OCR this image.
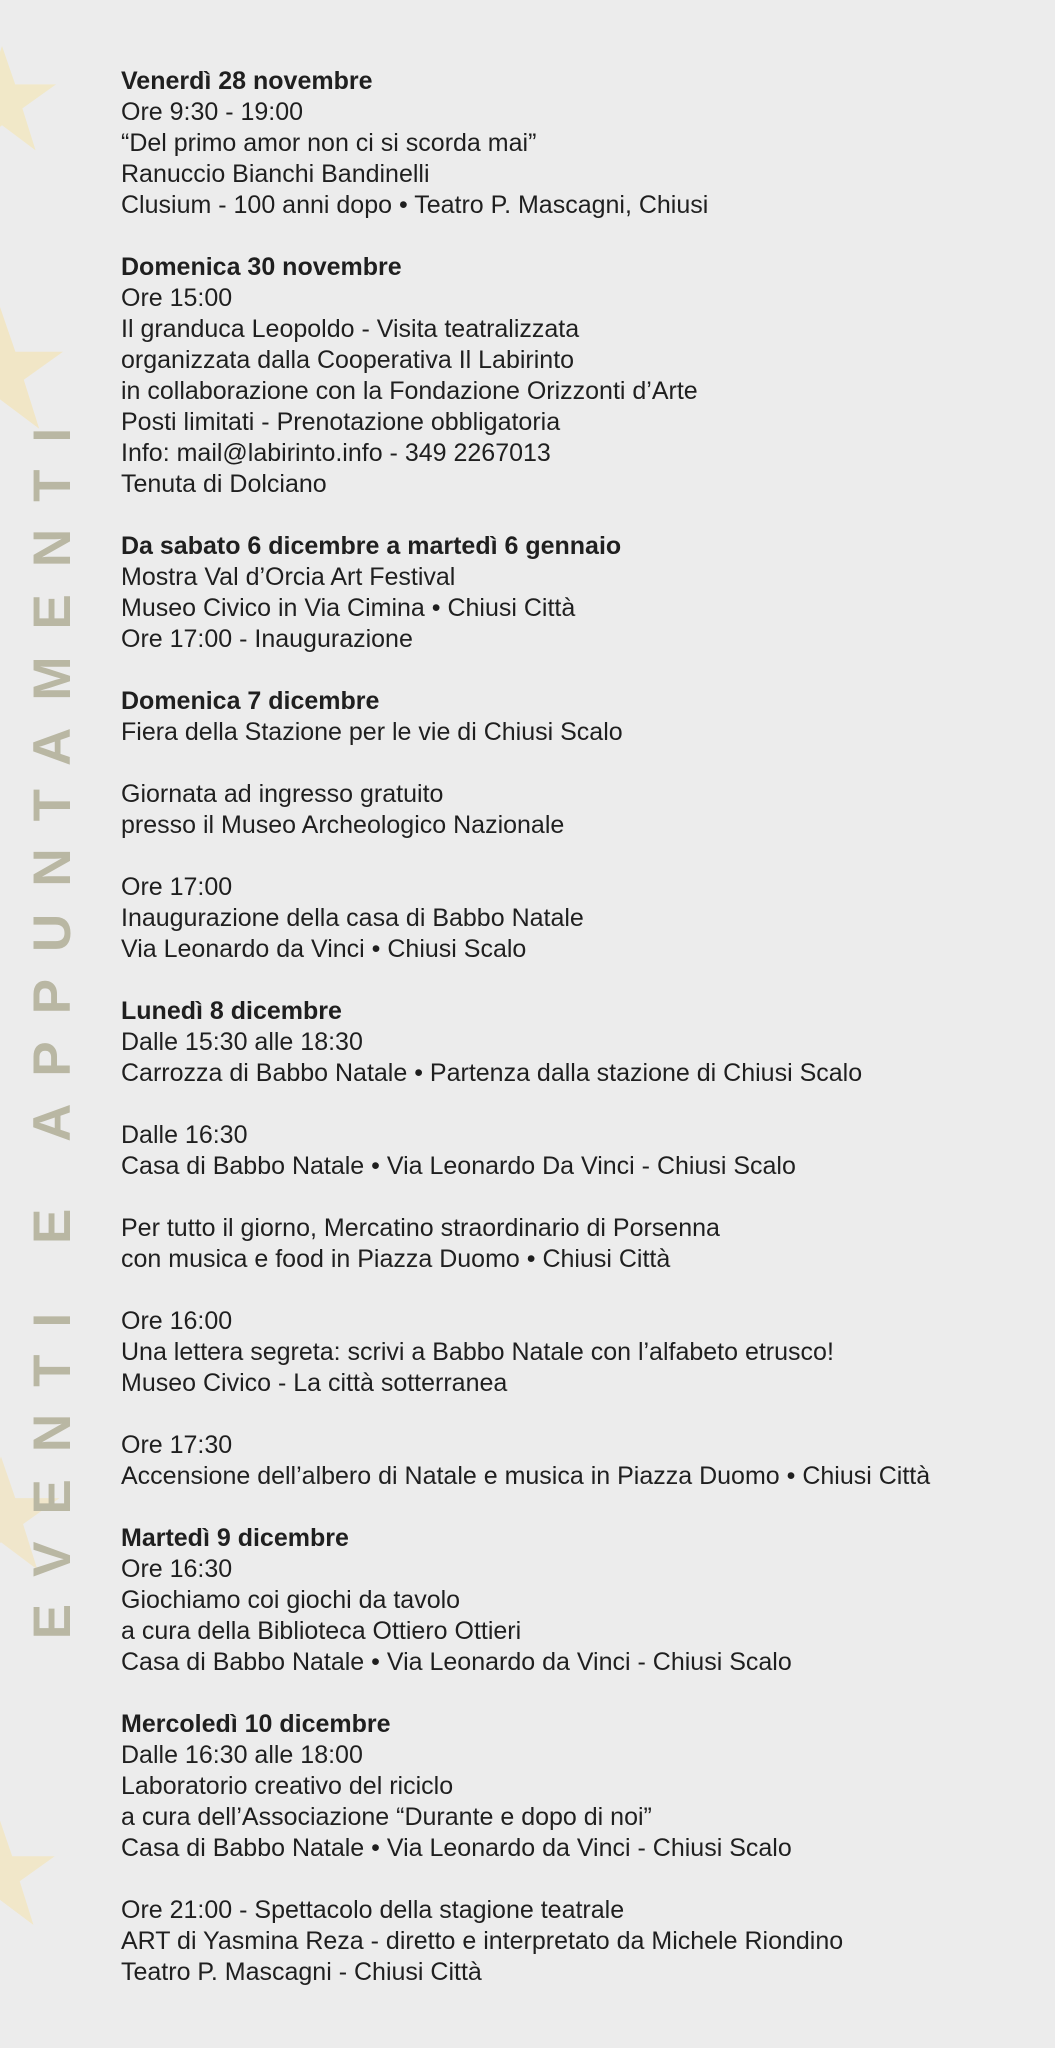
EVENTI E APPUNTAMENTI
Venerdì 28 novembre
Ore 9:30 - 19:00
“Del primo amor non ci si scorda mai”
Ranuccio Bianchi Bandinelli
Clusium - 100 anni dopo • Teatro P. Mascagni, Chiusi
Domenica 30 novembre
Ore 15:00
Il granduca Leopoldo - Visita teatralizzata
organizzata dalla Cooperativa Il Labirinto
in collaborazione con la Fondazione Orizzonti d’Arte
Posti limitati - Prenotazione obbligatoria
Info: mail@labirinto.info - 349 2267013
Tenuta di Dolciano
Da sabato 6 dicembre a martedì 6 gennaio
Mostra Val d’Orcia Art Festival
Museo Civico in Via Cimina • Chiusi Città
Ore 17:00 - Inaugurazione
Domenica 7 dicembre
Fiera della Stazione per le vie di Chiusi Scalo
Giornata ad ingresso gratuito
presso il Museo Archeologico Nazionale
Ore 17:00
Inaugurazione della casa di Babbo Natale
Via Leonardo da Vinci • Chiusi Scalo
Lunedì 8 dicembre
Dalle 15:30 alle 18:30
Carrozza di Babbo Natale • Partenza dalla stazione di Chiusi Scalo
Dalle 16:30
Casa di Babbo Natale • Via Leonardo Da Vinci - Chiusi Scalo
Per tutto il giorno, Mercatino straordinario di Porsenna
con musica e food in Piazza Duomo • Chiusi Città
Ore 16:00
Una lettera segreta: scrivi a Babbo Natale con l’alfabeto etrusco!
Museo Civico - La città sotterranea
Ore 17:30
Accensione dell’albero di Natale e musica in Piazza Duomo • Chiusi Città
Martedì 9 dicembre
Ore 16:30
Giochiamo coi giochi da tavolo
a cura della Biblioteca Ottiero Ottieri
Casa di Babbo Natale • Via Leonardo da Vinci - Chiusi Scalo
Mercoledì 10 dicembre
Dalle 16:30 alle 18:00
Laboratorio creativo del riciclo
a cura dell’Associazione “Durante e dopo di noi”
Casa di Babbo Natale • Via Leonardo da Vinci - Chiusi Scalo
Ore 21:00 - Spettacolo della stagione teatrale
ART di Yasmina Reza - diretto e interpretato da Michele Riondino
Teatro P. Mascagni - Chiusi Città
